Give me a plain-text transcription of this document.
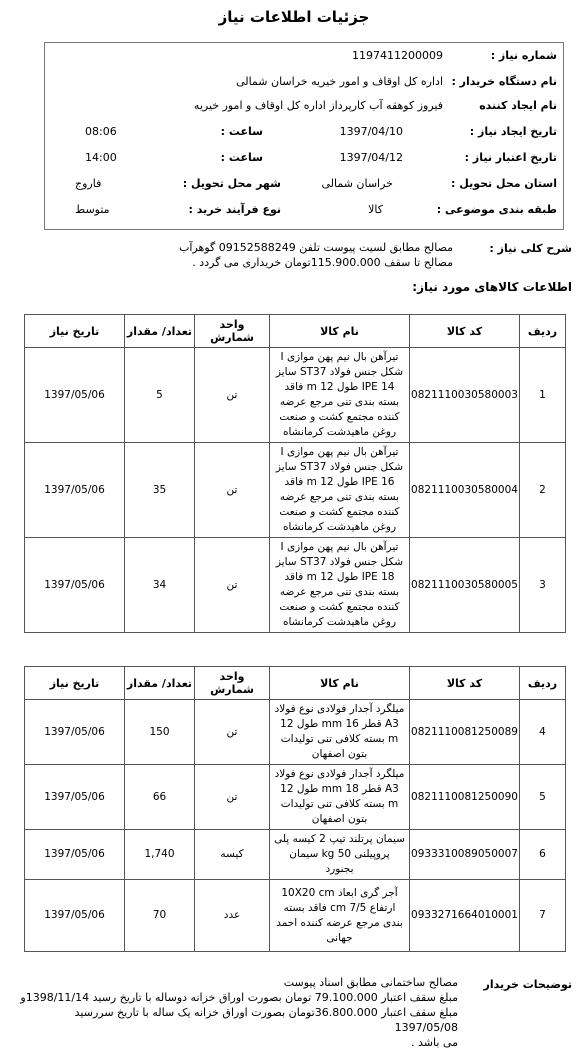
جزئیات اطلاعات نیاز
شماره نیاز :
1197411200009
نام دستگاه خریدار :
اداره کل اوقاف و امور خیریه خراسان شمالی
نام ایجاد کننده
فیروز کوهقه آب کارپرداز اداره کل اوقاف و امور خیریه
تاریخ ایجاد نیاز :
1397/04/10
ساعت :
08:06
تاریخ اعتبار نیاز :
1397/04/12
ساعت :
14:00
استان محل تحویل :
خراسان شمالی
شهر محل تحویل :
فاروج
طبقه بندی موضوعی :
کالا
نوع فرآیند خرید :
متوسط
شرح کلی نیاز :
مصالح مطابق لسیت پیوست تلفن 09152588249 گوهرآب
مصالح تا سقف 115.900.000تومان خریداری می گردد .
اطلاعات کالاهای مورد نیاز:
ردیف	کد کالا	نام کالا	واحد شمارش	تعداد/ مقدار	تاریخ نیاز
1	0821110030580003	تیرآهن بال نیم پهن موازی I شکل جنس فولاد ST37 سایز IPE 14 طول 12 m فاقد بسته بندی تنی مرجع عرضه کننده مجتمع کشت و صنعت روغن ماهیدشت کرمانشاه	تن	5	1397/05/06
2	0821110030580004	تیرآهن بال نیم پهن موازی I شکل جنس فولاد ST37 سایز IPE 16 طول 12 m فاقد بسته بندی تنی مرجع عرضه کننده مجتمع کشت و صنعت روغن ماهیدشت کرمانشاه	تن	35	1397/05/06
3	0821110030580005	تیرآهن بال نیم پهن موازی I شکل جنس فولاد ST37 سایز IPE 18 طول 12 m فاقد بسته بندی تنی مرجع عرضه کننده مجتمع کشت و صنعت روغن ماهیدشت کرمانشاه	تن	34	1397/05/06
ردیف	کد کالا	نام کالا	واحد شمارش	تعداد/ مقدار	تاریخ نیاز
4	0821110081250089	میلگرد آجدار فولادی نوع فولاد A3 قطر 16 mm طول 12 m بسته کلافی تنی تولیدات بتون اصفهان	تن	150	1397/05/06
5	0821110081250090	میلگرد آجدار فولادی نوع فولاد A3 قطر 18 mm طول 12 m بسته کلافی تنی تولیدات بتون اصفهان	تن	66	1397/05/06
6	0933310089050007	سیمان پرتلند تیپ 2 کیسه پلی پروپیلنی 50 kg سیمان بجنورد	کیسه	1,740	1397/05/06
7	0933271664010001	آجر گری ابعاد 10X20 cm ارتفاع 7/5 cm فاقد بسته بندی مرجع عرضه کننده احمد جهانی	عدد	70	1397/05/06
توضیحات خریدار
مصالح ساختمانی مطابق اسناد پیوست
مبلغ سقف اعتبار 79.100.000 تومان بصورت اوراق خزانه دوساله با تاریخ رسید 1398/11/14و
مبلغ سقف اعتبار 36.800.000تومان بصورت اوراق خزانه یک ساله با تاریخ سررسید 1397/05/08
می باشد .
